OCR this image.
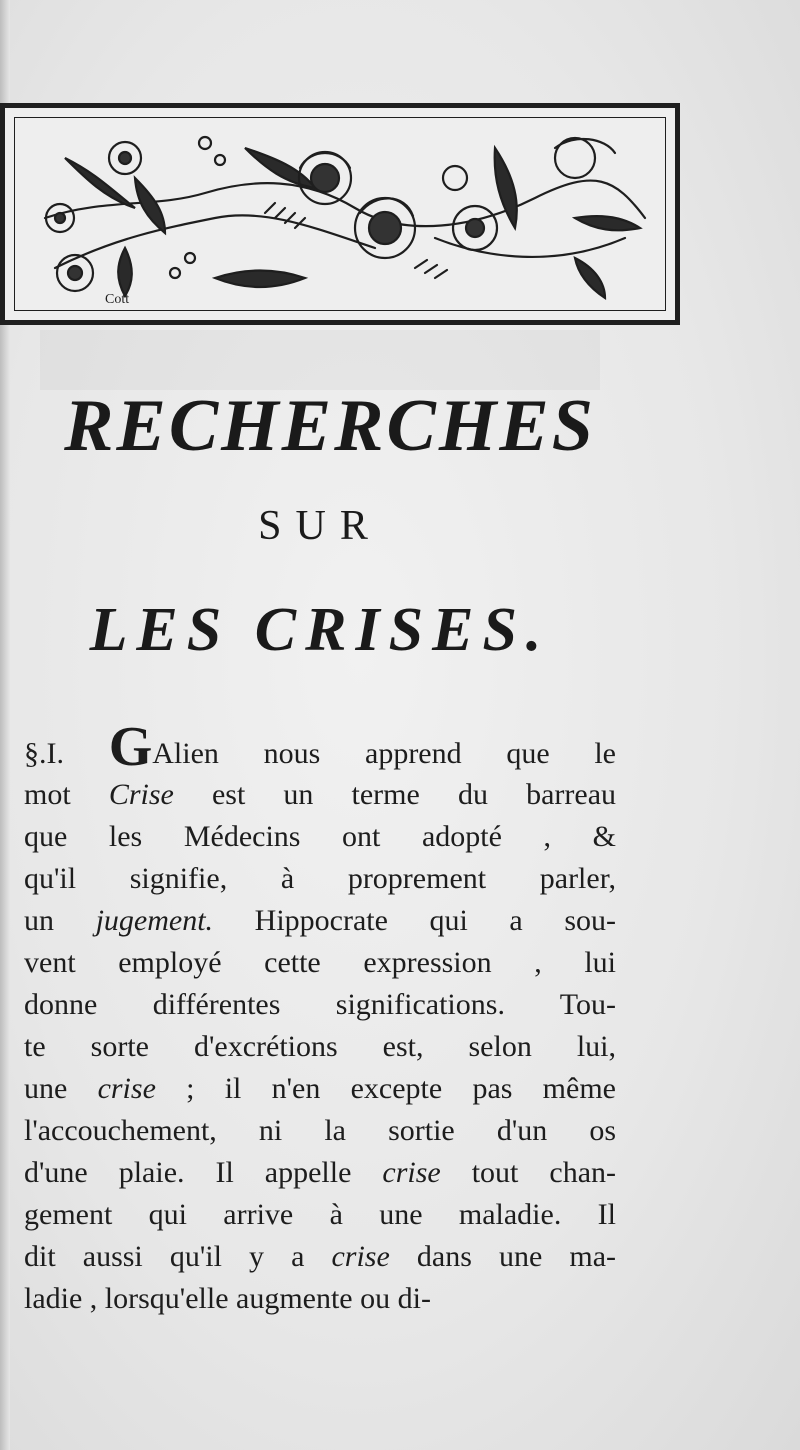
Cott
RECHERCHES
SUR
LES CRISES.
§.I. GAlien nous apprend que le
mot Crise est un terme du barreau
que les Médecins ont adopté , &
qu'il signifie, à proprement parler,
un jugement. Hippocrate qui a sou-
vent employé cette expression , lui
donne différentes significations. Tou-
te sorte d'excrétions est, selon lui,
une crise ; il n'en excepte pas même
l'accouchement, ni la sortie d'un os
d'une plaie. Il appelle crise tout chan-
gement qui arrive à une maladie. Il
dit aussi qu'il y a crise dans une ma-
ladie , lorsqu'elle augmente ou di-
